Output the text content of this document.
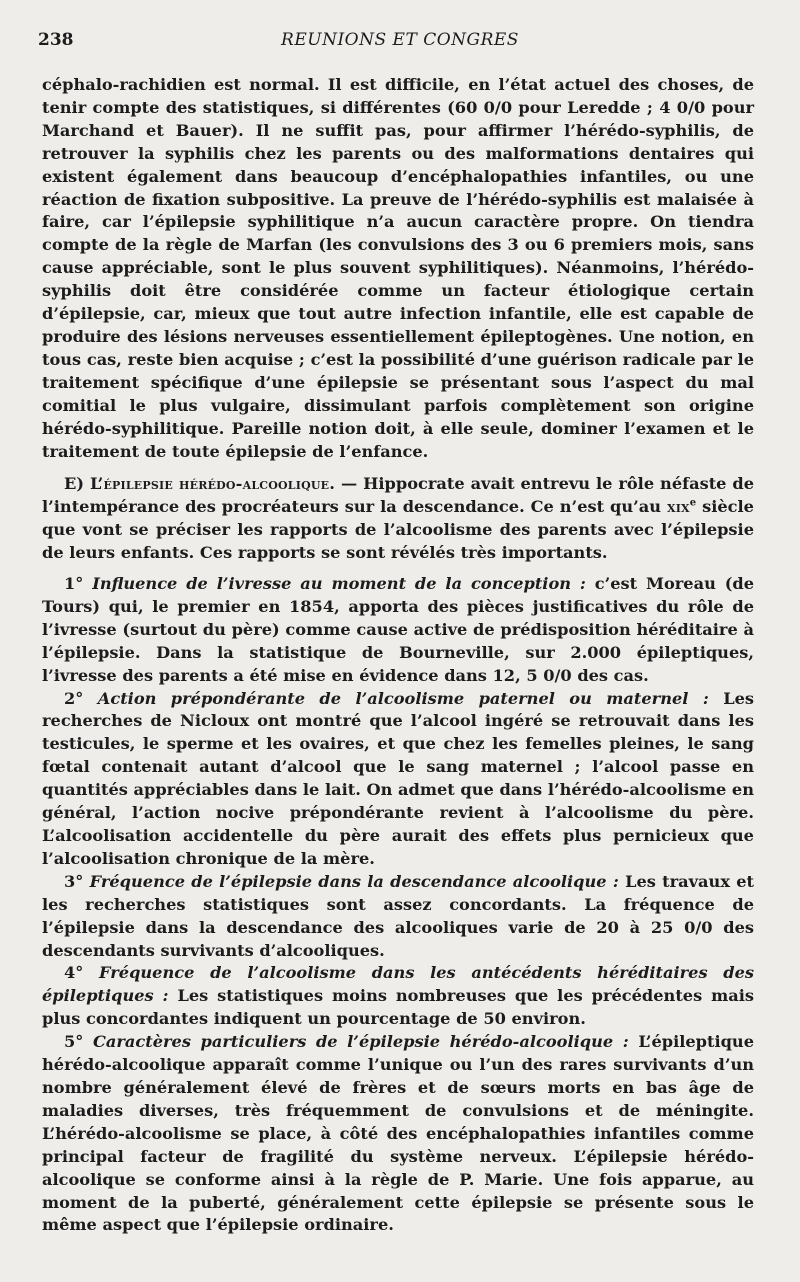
238	REUNIONS ET CONGRES

céphalo-rachidien est normal. Il est difficile, en l’état actuel des choses, de tenir compte des statistiques, si différentes (60 0/0 pour Leredde ; 4 0/0 pour Marchand et Bauer). Il ne suffit pas, pour affirmer l’hérédo-syphilis, de retrouver la syphilis chez les parents ou des malformations dentaires qui existent également dans beaucoup d’encéphalopathies infantiles, ou une réaction de fixation subpositive. La preuve de l’hérédo-syphilis est malaisée à faire, car l’épilepsie syphilitique n’a aucun caractère propre. On tiendra compte de la règle de Marfan (les convulsions des 3 ou 6 premiers mois, sans cause appréciable, sont le plus souvent syphilitiques). Néanmoins, l’hérédo-syphilis doit être considérée comme un facteur étiologique certain d’épilepsie, car, mieux que tout autre infection infantile, elle est capable de produire des lésions nerveuses essentiellement épileptogènes. Une notion, en tous cas, reste bien acquise ; c’est la possibilité d’une guérison radicale par le traitement spécifique d’une épilepsie se présentant sous l’aspect du mal comitial le plus vulgaire, dissimulant parfois complètement son origine hérédo-syphilitique. Pareille notion doit, à elle seule, dominer l’examen et le traitement de toute épilepsie de l’enfance.

E) L’épilepsie hérédo-alcoolique. — Hippocrate avait entrevu le rôle néfaste de l’intempérance des procréateurs sur la descendance. Ce n’est qu’au xix$^e$ siècle que vont se préciser les rapports de l’alcoolisme des parents avec l’épilepsie de leurs enfants. Ces rapports se sont révélés très importants.

1° Influence de l’ivresse au moment de la conception : c’est Moreau (de Tours) qui, le premier en 1854, apporta des pièces justificatives du rôle de l’ivresse (surtout du père) comme cause active de prédisposition héréditaire à l’épilepsie. Dans la statistique de Bourneville, sur 2.000 épileptiques, l’ivresse des parents a été mise en évidence dans 12, 5 0/0 des cas.

2° Action prépondérante de l’alcoolisme paternel ou maternel : Les recherches de Nicloux ont montré que l’alcool ingéré se retrouvait dans les testicules, le sperme et les ovaires, et que chez les femelles pleines, le sang fœtal contenait autant d’alcool que le sang maternel ; l’alcool passe en quantités appréciables dans le lait. On admet que dans l’hérédo-alcoolisme en général, l’action nocive prépondérante revient à l’alcoolisme du père. L’alcoolisation accidentelle du père aurait des effets plus pernicieux que l’alcoolisation chronique de la mère.

3° Fréquence de l’épilepsie dans la descendance alcoolique : Les travaux et les recherches statistiques sont assez concordants. La fréquence de l’épilepsie dans la descendance des alcooliques varie de 20 à 25 0/0 des descendants survivants d’alcooliques.

4° Fréquence de l’alcoolisme dans les antécédents héréditaires des épileptiques : Les statistiques moins nombreuses que les précédentes mais plus concordantes indiquent un pourcentage de 50 environ.

5° Caractères particuliers de l’épilepsie hérédo-alcoolique : L’épileptique hérédo-alcoolique apparaît comme l’unique ou l’un des rares survivants d’un nombre généralement élevé de frères et de sœurs morts en bas âge de maladies diverses, très fréquemment de convulsions et de méningite. L’hérédo-alcoolisme se place, à côté des encéphalopathies infantiles comme principal facteur de fragilité du système nerveux. L’épilepsie hérédo-alcoolique se conforme ainsi à la règle de P. Marie. Une fois apparue, au moment de la puberté, généralement cette épilepsie se présente sous le même aspect que l’épilepsie ordinaire.
